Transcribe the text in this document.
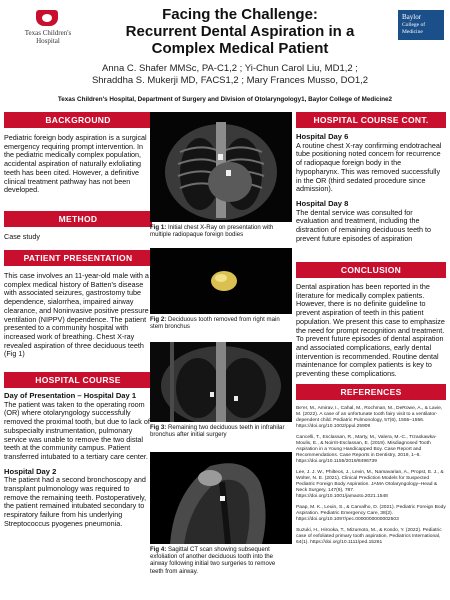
Texas Children's
Hospital
Facing the Challenge:
Recurrent Dental Aspiration in a
Complex Medical Patient
Baylor
College of
Medicine
Anna C. Shafer MMSc, PA-C1,2 ; Yi-Chun Carol Liu, MD1,2 ;
Shraddha S. Mukerji MD, FACS1,2 ; Mary Frances Musso, DO1,2
Texas Children's Hospital, Department of Surgery and Division of Otolaryngology1, Baylor College of Medicine2
BACKGROUND
Pediatric foreign body aspiration is a surgical emergency requiring prompt intervention. In the pediatric medically complex population, accidental aspiration of naturally exfoliating teeth has been cited. However, a definitive clinical treatment pathway has not been developed.
METHOD
Case study
PATIENT PRESENTATION
This case involves an 11-year-old male with a complex medical history of Batten's disease with associated seizures, gastrostomy tube dependence, sialorrhea, impaired airway clearance, and Noninvasive positive pressure ventilation (NIPPV) dependence. The patient presented to a community hospital with increased work of breathing. Chest X-ray revealed aspiration of three deciduous teeth (Fig 1)
HOSPITAL COURSE
Day of Presentation – Hospital Day 1
The patient was taken to the operating room (OR) where otolaryngology successfully removed the proximal tooth, but due to lack of subspecialty instrumentation, pulmonary service was unable to remove the two distal teeth at the community campus. Patient transferred intubated to a tertiary care center.
Hospital Day 2
The patient had a second bronchoscopy and transplant pulmonology was required to remove the remaining teeth. Postoperatively, the patient remained intubated secondary to respiratory failure from his underlying Streptococcus pyogenes pneumonia.
Fig 1: Initial chest X-Ray on presentation with multiple radiopaque foreign bodies
Fig 2: Deciduous tooth removed from right main stem bronchus
Fig 3: Remaining two deciduous teeth in infrahilar bronchus after initial surgery
Fig 4: Sagittal CT scan showing subsequent exfoliation of another deciduous tooth into the airway following initial two surgeries to remove teeth from airway.
HOSPITAL COURSE CONT.
Hospital Day 6
A routine chest X-ray confirming endotracheal tube positioning noted concern for recurrence of radiopaque foreign body in the hypopharynx. This was removed successfully in the OR (third sedated procedure since admission).
Hospital Day 8
The dental service was consulted for evaluation and treatment, including the distraction of remaining deciduous teeth to prevent future episodes of aspiration
CONCLUSION
Dental aspiration has been reported in the literature for medically complex patients. However, there is no definite guideline to prevent aspiration of teeth in this patient population. We present this case to emphasize the need for prompt recognition and treatment. To prevent future episodes of dental aspiration and associated complications, early dental intervention is recommended. Routine dental maintenance for complex patients is key to preventing these complications.
REFERENCES
Be'er, M., Amirav, I., Cahal, M., Rochman, M., DeRowe, A., & Lavie, M. (2022). A case of an unfortunate tooth fairy visit to a ventilator-dependent child. Pediatric Pulmonology, 57(6), 1555–1556. https://doi.org/10.1002/ppul.25909
Cancelli, T., Esclassan, R., Marty, M., Valera, M.-C., Trzaskawka-Moulis, E., & Noirrit-Esclassan, E. (2019). Misdiagnosed Tooth Aspiration in a Young Handicapped Boy. Case Report and Recommendations. Case Reports in Dentistry, 2019, 1–6. https://doi.org/10.1155/2019/8496739
Lee, J. J. W., Philteos, J., Levin, M., Namavarian, A., Propst, E. J., & Wolter, N. E. (2021). Clinical Prediction Models for Suspected Pediatric Foreign Body Aspiration. JAMA Otolaryngology–Head & Neck Surgery, 147(9), 787. https://doi.org/10.1001/jamaoto.2021.1548
Paap, M. K., Leuin, S., & Carvalho, D. (2021). Pediatric Foreign Body Aspiration. Pediatric Emergency Care, 38(2). https://doi.org/10.1097/pec.0000000000002503
Suzuki, H., Hirooka, T., Mizumoto, M., & Kondo, Y. (2022). Pediatric case of exfoliated primary tooth aspiration. Pediatrics International, 64(1). https://doi.org/10.1111/ped.15261
